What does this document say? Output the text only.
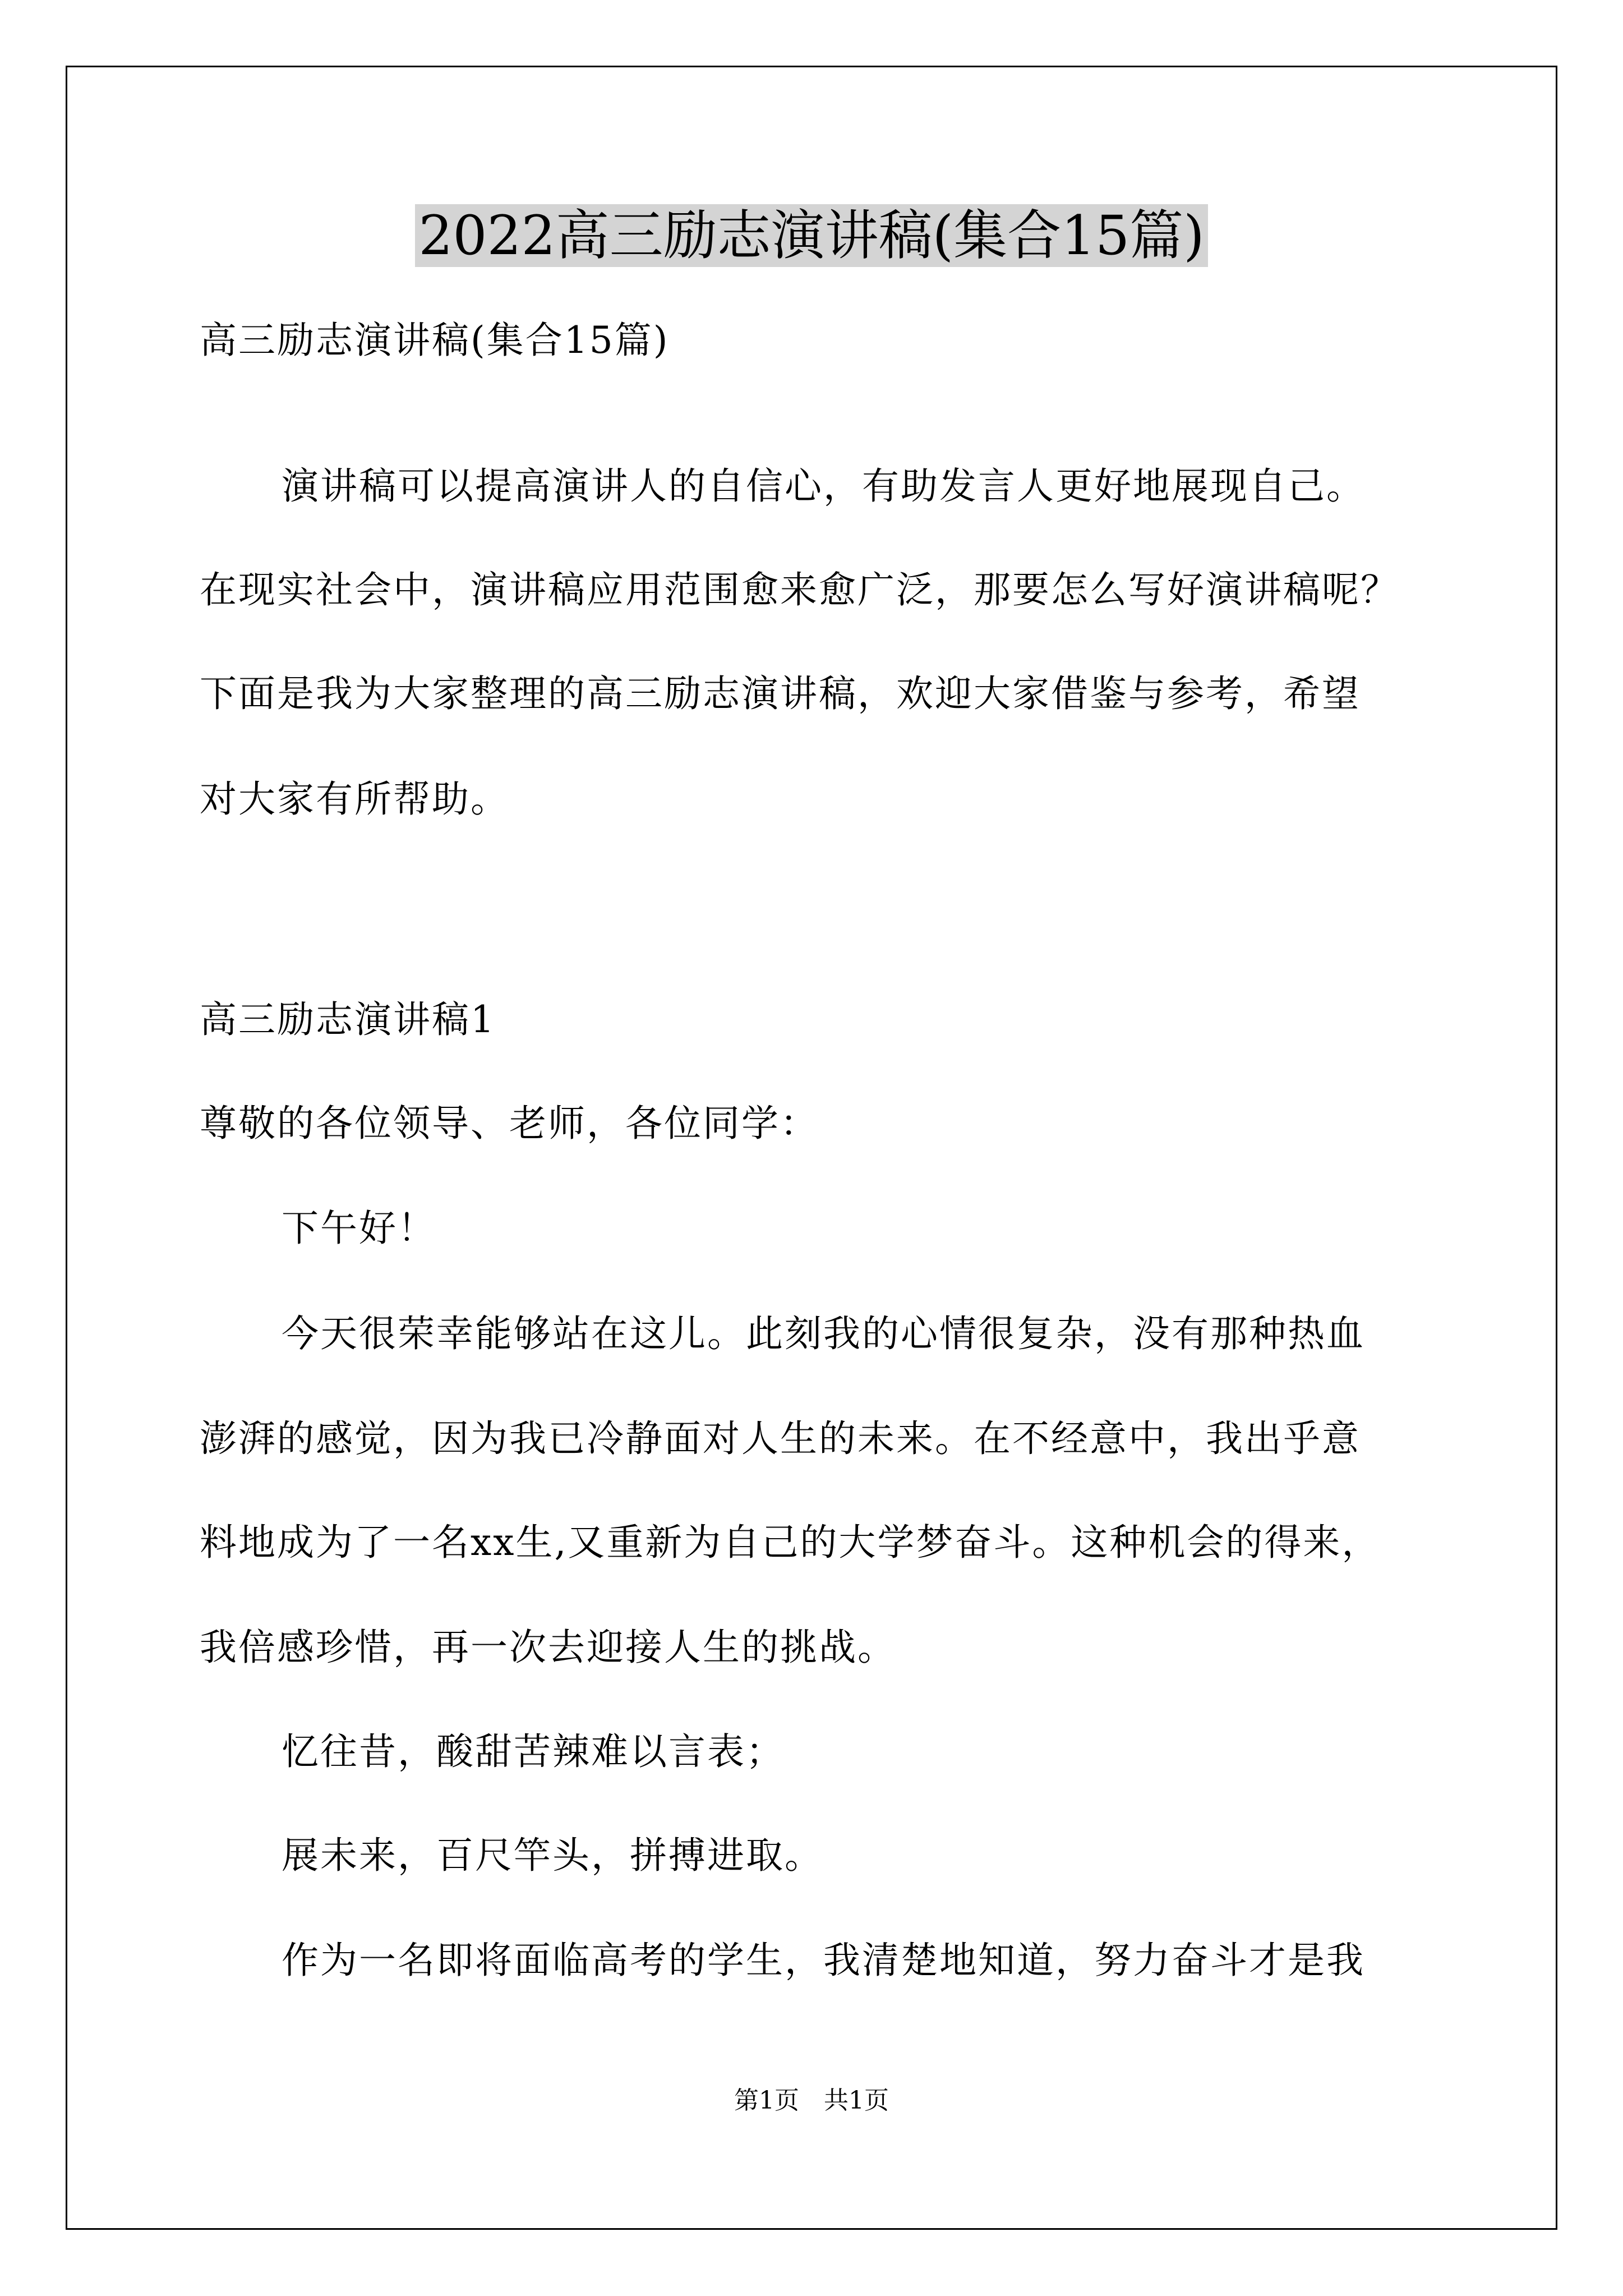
2022高三励志演讲稿(集合15篇)

高三励志演讲稿(集合15篇)

演讲稿可以提高演讲人的自信心，有助发言人更好地展现自己。

在现实社会中，演讲稿应用范围愈来愈广泛，那要怎么写好演讲稿呢？

下面是我为大家整理的高三励志演讲稿，欢迎大家借鉴与参考，希望

对大家有所帮助。

高三励志演讲稿1

尊敬的各位领导、老师，各位同学：

下午好！

今天很荣幸能够站在这儿。此刻我的心情很复杂，没有那种热血

澎湃的感觉，因为我已冷静面对人生的未来。在不经意中，我出乎意

料地成为了一名xx生,又重新为自己的大学梦奋斗。这种机会的得来，

我倍感珍惜，再一次去迎接人生的挑战。

忆往昔，酸甜苦辣难以言表；

展未来，百尺竿头，拼搏进取。

作为一名即将面临高考的学生，我清楚地知道，努力奋斗才是我

第1页　共1页
